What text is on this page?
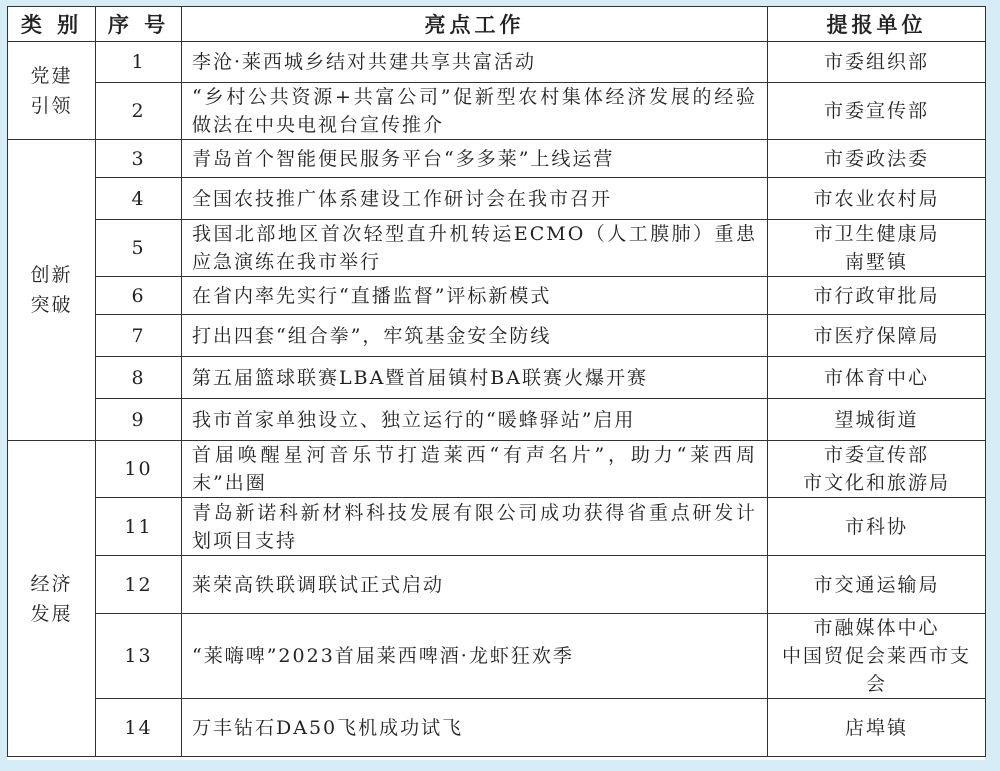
类 别	序 号	亮点工作	提报单位

党建
引领	1	李沧·莱西城乡结对共建共享共富活动	市委组织部

	2	“乡村公共资源+共富公司”促新型农村集体经济发展的经验做法在中央电视台宣传推介	市委宣传部

创新
突破	3	青岛首个智能便民服务平台“多多莱”上线运营	市委政法委

	4	全国农技推广体系建设工作研讨会在我市召开	市农业农村局

	5	我国北部地区首次轻型直升机转运ECMO（人工膜肺）重患应急演练在我市举行	市卫生健康局
南墅镇

	6	在省内率先实行“直播监督”评标新模式	市行政审批局

	7	打出四套“组合拳”，牢筑基金安全防线	市医疗保障局

	8	第五届篮球联赛LBA暨首届镇村BA联赛火爆开赛	市体育中心

	9	我市首家单独设立、独立运行的“暖蜂驿站”启用	望城街道

经济
发展	10	首届唤醒星河音乐节打造莱西“有声名片”，助力“莱西周末”出圈	市委宣传部
市文化和旅游局

	11	青岛新诺科新材料科技发展有限公司成功获得省重点研发计划项目支持	市科协

	12	莱荣高铁联调联试正式启动	市交通运输局

	13	“莱嗨啤”2023首届莱西啤酒·龙虾狂欢季	市融媒体中心
中国贸促会莱西市支会

	14	万丰钻石DA50飞机成功试飞	店埠镇
